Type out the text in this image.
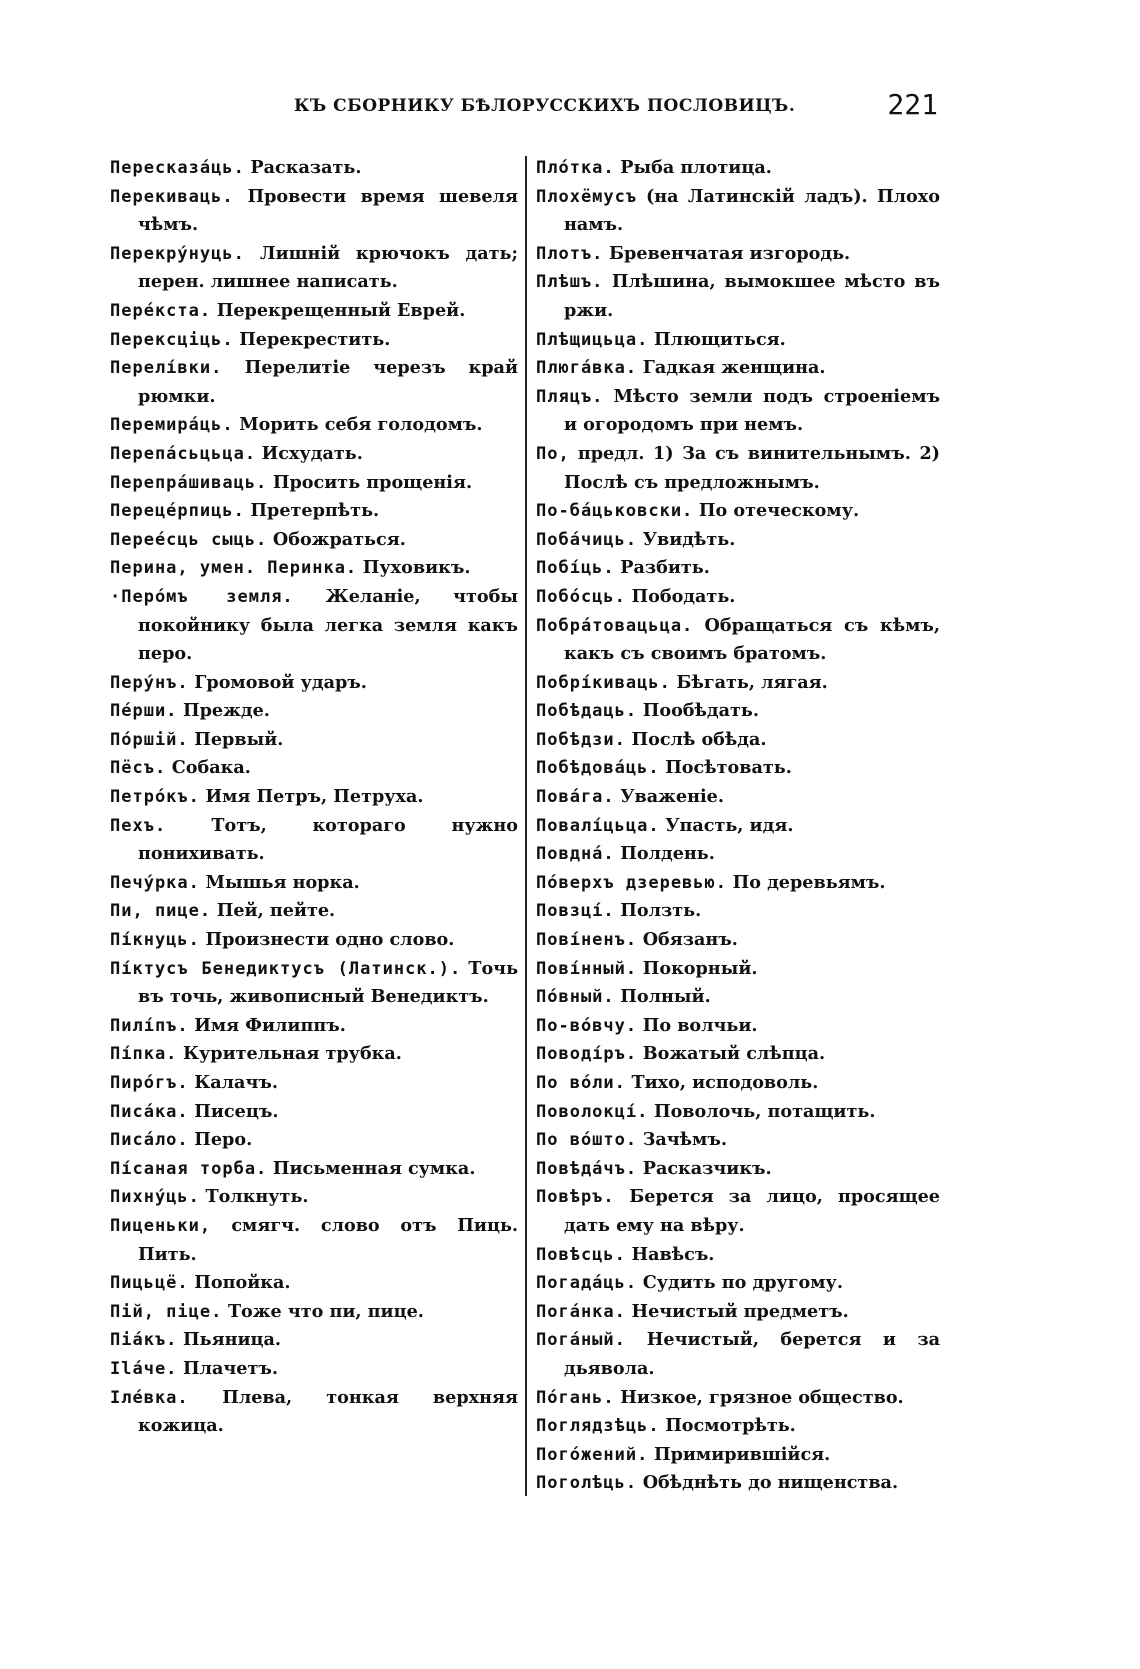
КЪ СБОРНИКУ БѢЛОРУССКИХЪ ПОСЛОВИЦЪ.	221

Пересказáць. Расказать.

Перекиваць. Провести время шевеля чѣмъ.

Перекрýнуць. Лишній крючокъ дать; перен. лишнее написать.

Перéкста. Перекрещенный Еврей.

Перексціць. Перекрестить.

Перелíвки. Перелитіе черезъ край рюмки.

Перемирáць. Морить себя голодомъ.

Перепáсьцьца. Исхудать.

Перепрáшиваць. Просить прощенія.

Перецéрпиць. Претерпѣть.

Перeéсць сыць. Обожраться.

Перина, умен. Перинка. Пуховикъ.

·Перóмъ земля. Желаніе, чтобы покойнику была легка земля какъ перо.

Перýнъ. Громовой ударъ.

Пéрши. Прежде.

Пóршій. Первый.

Пёсъ. Собака.

Петрóкъ. Имя Петръ, Петруха.

Пехъ.	Тотъ, котораго нужно понихивать.

Печýрка. Мышья норка.

Пи, пице. Пей, пейте.

Пíкнуць. Произнести одно слово.

Пíктусъ Бенедиктусъ (Латинск.). Точь въ точь, живописный Венедиктъ.

Пилíпъ. Имя Филиппъ.

Пíпка. Курительная трубка.

Пирóгъ. Калачъ.

Писáка. Писецъ.

Писáло. Перо.

Пíсаная торба. Письменная сумка.

Пихнýць. Толкнуть.

Пиценьки, смягч. слово отъ Пиць. Пить.

Пицьцё. Попойка.

Пій, піце. Тоже что пи, пице.

Піáкъ. Пьяница.

Іláче. Плачетъ.

Ілéвка. Плева, тонкая верхняя кожица.

Плóтка. Рыба плотица.

Плохёмусъ (на Латинскій ладъ). Плохо намъ.

Плотъ. Бревенчатая изгородь.

Плѣшъ. Плѣшина, вымокшее мѣсто въ ржи.

Плѣщицьца. Плющиться.

Плюгáвка. Гадкая женщина.

Пляцъ. Мѣсто земли подъ строеніемъ и огородомъ при немъ.

По, предл. 1) За съ винительнымъ. 2) Послѣ съ предложнымъ.

По-бáцьковски. По отеческому.

Побáчиць. Увидѣть.

Побíць. Разбить.

Побóсць. Пободать.

Побрáтовацьца. Обращаться съ кѣмъ, какъ съ своимъ братомъ.

Побрíкиваць. Бѣгать, лягая.

Побѣдаць. Пообѣдать.

Побѣдзи. Послѣ обѣда.

Побѣдовáць. Посѣтовать.

Повáга. Уваженіе.

Повалíцьца. Упасть, идя.

Повднá. Полдень.

Пóверхъ дзеревью. По деревьямъ.

Повзцí. Ползть.

Повíненъ. Обязанъ.

Повíнный. Покорный.

Пóвный. Полный.

По-вóвчу. По волчьи.

Поводíръ. Вожатый слѣпца.

По вóли. Тихо, исподоволь.

Поволокцí. Поволочь, потащить.

По вóшто. Зачѣмъ.

Повѣдáчъ. Расказчикъ.

Повѣръ. Берется за лицо, просящее дать ему на вѣру.

Повѣсць. Навѣсъ.

Погадáць. Судить по другому.

Погáнка. Нечистый предметъ.

Погáный. Нечистый, берется и за дьявола.

Пóгань. Низкое, грязное общество.

Поглядзѣць. Посмотрѣть.

Погóжений. Примирившійся.

Поголѣць. Обѣднѣть до нищенства.
